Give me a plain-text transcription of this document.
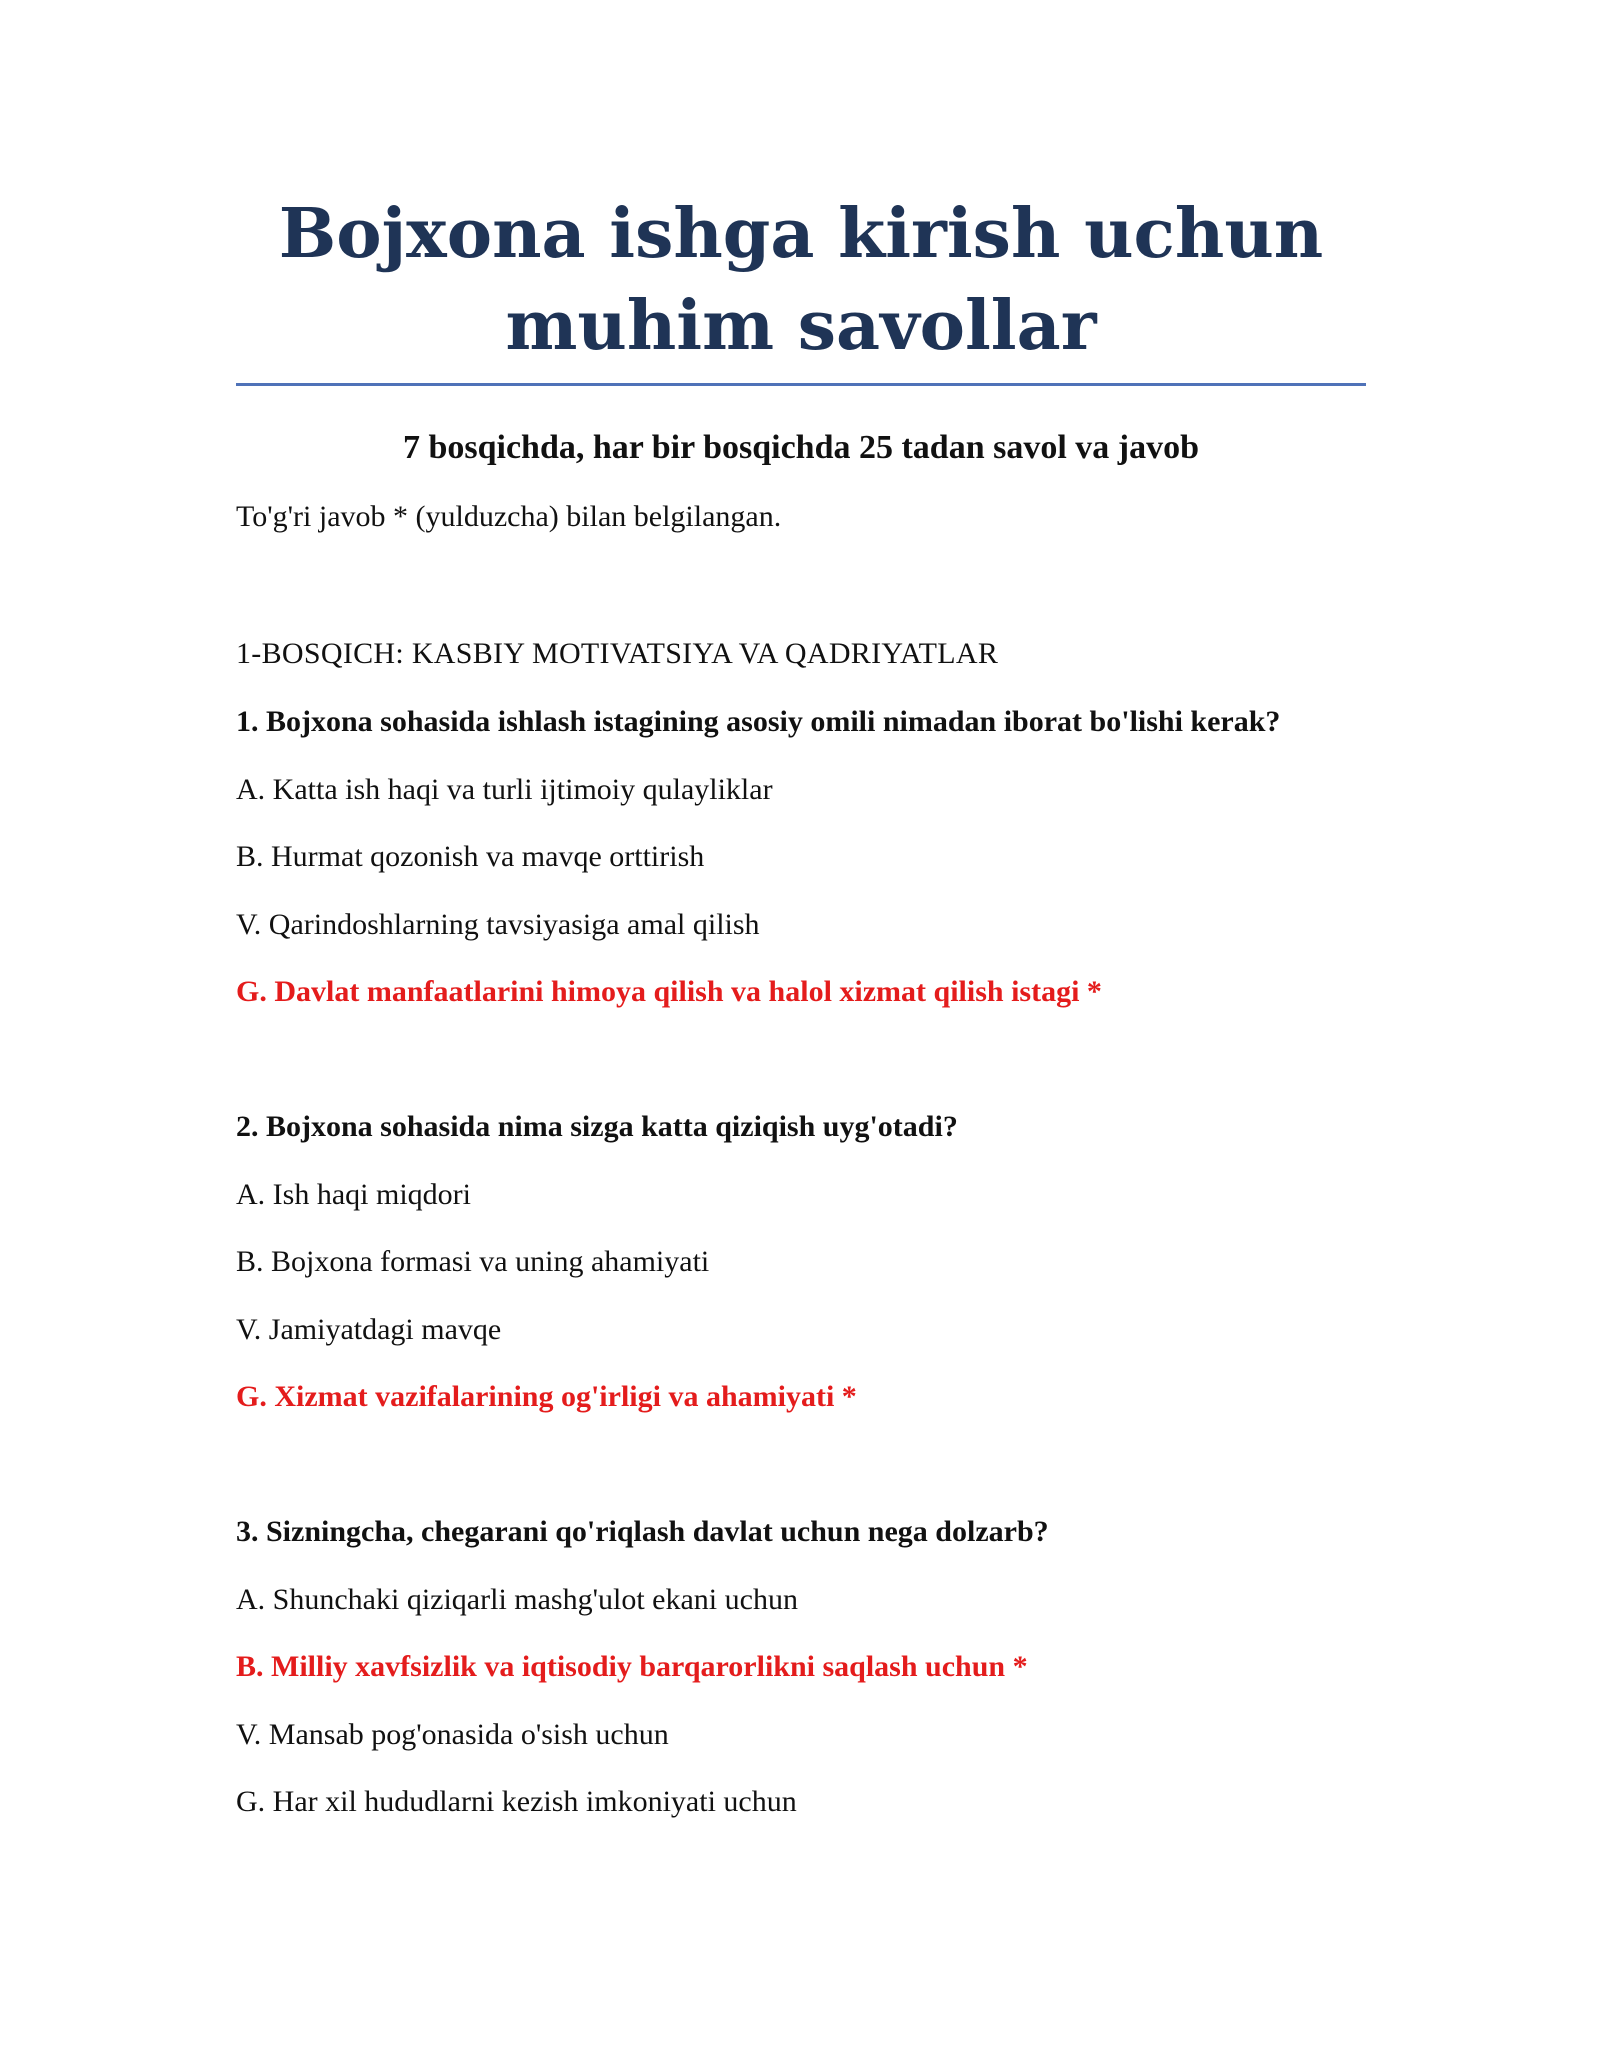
Bojxona ishga kirish uchun
muhim savollar

7 bosqichda, har bir bosqichda 25 tadan savol va javob

To'g'ri javob * (yulduzcha) bilan belgilangan.

1-BOSQICH: KASBIY MOTIVATSIYA VA QADRIYATLAR

1. Bojxona sohasida ishlash istagining asosiy omili nimadan iborat bo'lishi kerak?

A. Katta ish haqi va turli ijtimoiy qulayliklar

B. Hurmat qozonish va mavqe orttirish

V. Qarindoshlarning tavsiyasiga amal qilish

G. Davlat manfaatlarini himoya qilish va halol xizmat qilish istagi *

2. Bojxona sohasida nima sizga katta qiziqish uyg'otadi?

A. Ish haqi miqdori

B. Bojxona formasi va uning ahamiyati

V. Jamiyatdagi mavqe

G. Xizmat vazifalarining og'irligi va ahamiyati *

3. Sizningcha, chegarani qo'riqlash davlat uchun nega dolzarb?

A. Shunchaki qiziqarli mashg'ulot ekani uchun

B. Milliy xavfsizlik va iqtisodiy barqarorlikni saqlash uchun *

V. Mansab pog'onasida o'sish uchun

G. Har xil hududlarni kezish imkoniyati uchun
